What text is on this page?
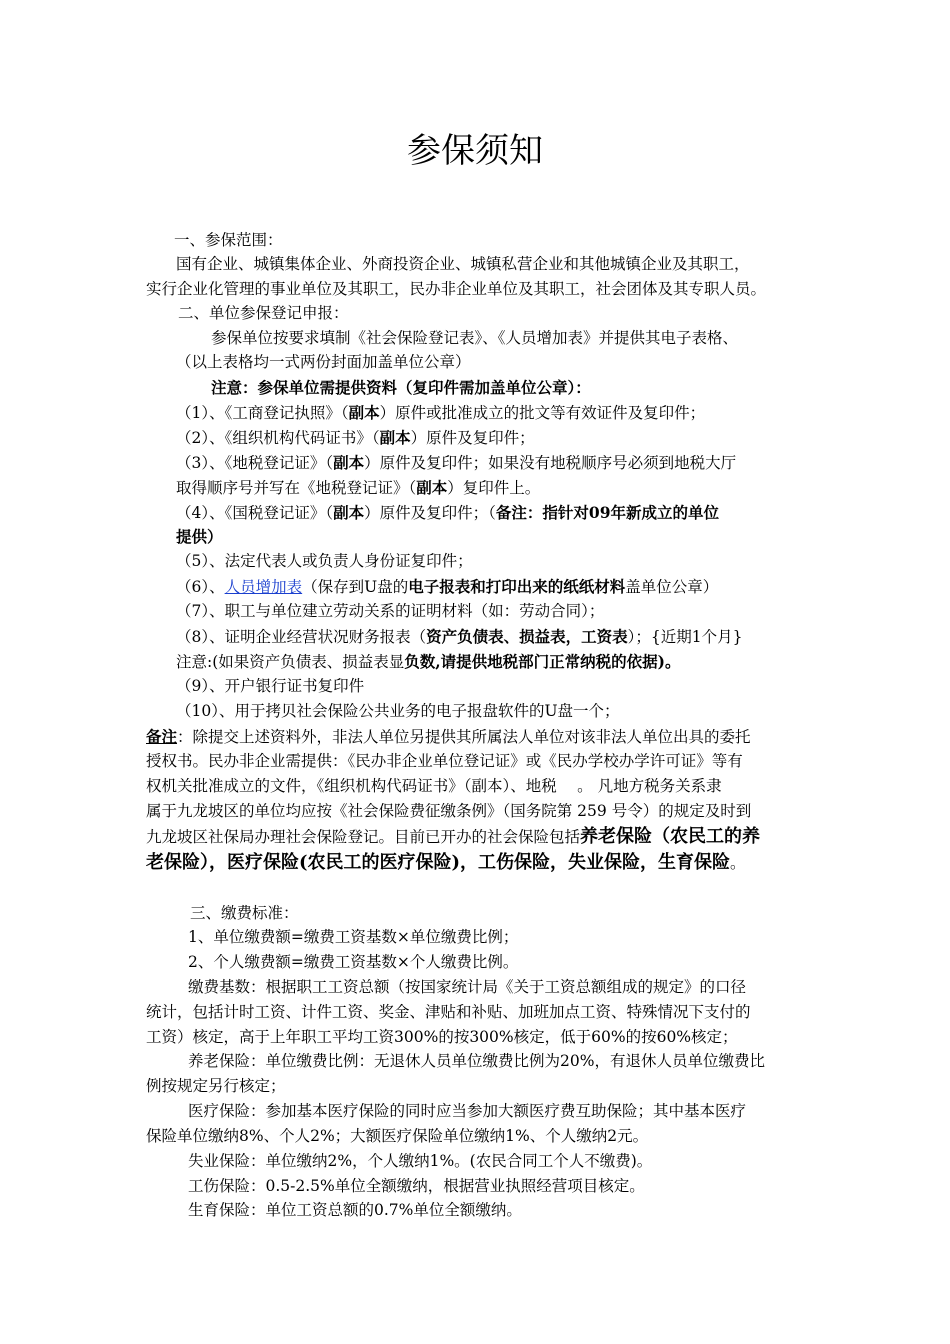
参保须知
一、参保范围：
国有企业、城镇集体企业、外商投资企业、城镇私营企业和其他城镇企业及其职工，
实行企业化管理的事业单位及其职工，民办非企业单位及其职工，社会团体及其专职人员。
二、单位参保登记申报：
参保单位按要求填制《社会保险登记表》、《人员增加表》并提供其电子表格、
（以上表格均一式两份封面加盖单位公章）
注意：参保单位需提供资料（复印件需加盖单位公章）：
（1）、《工商登记执照》（副本）原件或批准成立的批文等有效证件及复印件；
（2）、《组织机构代码证书》（副本）原件及复印件；
（3）、《地税登记证》（副本）原件及复印件；如果没有地税顺序号必须到地税大厅
取得顺序号并写在《地税登记证》（副本）复印件上。
（4）、《国税登记证》（副本）原件及复印件；（备注：指针对09年新成立的单位
提供）
（5）、法定代表人或负责人身份证复印件；
（6）、人员增加表（保存到U盘的电子报表和打印出来的纸纸材料盖单位公章）
（7）、职工与单位建立劳动关系的证明材料（如：劳动合同）；
（8）、证明企业经营状况财务报表（资产负债表、损益表，工资表）；{近期1个月}
注意:(如果资产负债表、损益表显负数,请提供地税部门正常纳税的依据)。
（9）、开户银行证书复印件
（10）、用于拷贝社会保险公共业务的电子报盘软件的U盘一个；
备注：除提交上述资料外，非法人单位另提供其所属法人单位对该非法人单位出具的委托
授权书。民办非企业需提供：《民办非企业单位登记证》或《民办学校办学许可证》等有
权机关批准成立的文件，《组织机构代码证书》（副本）、地税 　。 凡地方税务关系隶
属于九龙坡区的单位均应按《社会保险费征缴条例》（国务院第 259 号令）的规定及时到
九龙坡区社保局办理社会保险登记。目前已开办的社会保险包括养老保险（农民工的养
老保险），医疗保险(农民工的医疗保险)，工伤保险，失业保险，生育保险。
三、缴费标准：
1、单位缴费额=缴费工资基数×单位缴费比例；
2、个人缴费额=缴费工资基数×个人缴费比例。
缴费基数：根据职工工资总额（按国家统计局《关于工资总额组成的规定》的口径
统计，包括计时工资、计件工资、奖金、津贴和补贴、加班加点工资、特殊情况下支付的
工资）核定，高于上年职工平均工资300%的按300%核定，低于60%的按60%核定；
养老保险：单位缴费比例：无退休人员单位缴费比例为20%，有退休人员单位缴费比
例按规定另行核定；
医疗保险：参加基本医疗保险的同时应当参加大额医疗费互助保险；其中基本医疗
保险单位缴纳8%、个人2%；大额医疗保险单位缴纳1%、个人缴纳2元。
失业保险：单位缴纳2%，个人缴纳1%。(农民合同工个人不缴费)。
工伤保险：0.5-2.5%单位全额缴纳，根据营业执照经营项目核定。
生育保险：单位工资总额的0.7%单位全额缴纳。
